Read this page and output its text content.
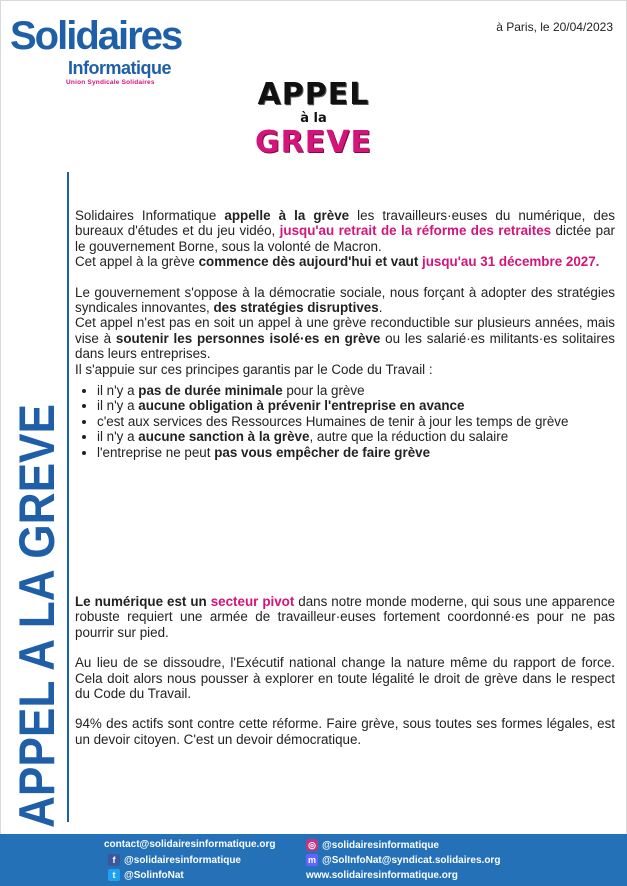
Solidaires
Informatique
Union Syndicale Solidaires
à Paris, le 20/04/2023
APPEL
à la
GREVE
APPEL A LA GREVE

Solidaires Informatique appelle à la grève les travailleurs·euses du numérique, des bureaux d'études et du jeu vidéo, jusqu'au retrait de la réforme des retraites dictée par le gouvernement Borne, sous la volonté de Macron.

Cet appel à la grève commence dès aujourd'hui et vaut jusqu'au 31 décembre 2027.

Le gouvernement s'oppose à la démocratie sociale, nous forçant à adopter des stratégies syndicales innovantes, des stratégies disruptives.

Cet appel n'est pas en soit un appel à une grève reconductible sur plusieurs années, mais vise à soutenir les personnes isolé·es en grève ou les salarié·es militants·es solitaires dans leurs entreprises.

Il s'appuie sur ces principes garantis par le Code du Travail :

• il n'y a pas de durée minimale pour la grève
• il n'y a aucune obligation à prévenir l'entreprise en avance
• c'est aux services des Ressources Humaines de tenir à jour les temps de grève
• il n'y a aucune sanction à la grève, autre que la réduction du salaire
• l'entreprise ne peut pas vous empêcher de faire grève

Le numérique est un secteur pivot dans notre monde moderne, qui sous une apparence robuste requiert une armée de travailleur·euses fortement coordonné·es pour ne pas pourrir sur pied.

Au lieu de se dissoudre, l'Exécutif national change la nature même du rapport de force. Cela doit alors nous pousser à explorer en toute légalité le droit de grève dans le respect du Code du Travail.

94% des actifs sont contre cette réforme. Faire grève, sous toutes ses formes légales, est un devoir citoyen. C'est un devoir démocratique.

contact@solidairesinformatique.org
f @solidairesinformatique
t @SolinfoNat
◎ @solidairesinformatique
m @SolInfoNat@syndicat.solidaires.org
www.solidairesinformatique.org
